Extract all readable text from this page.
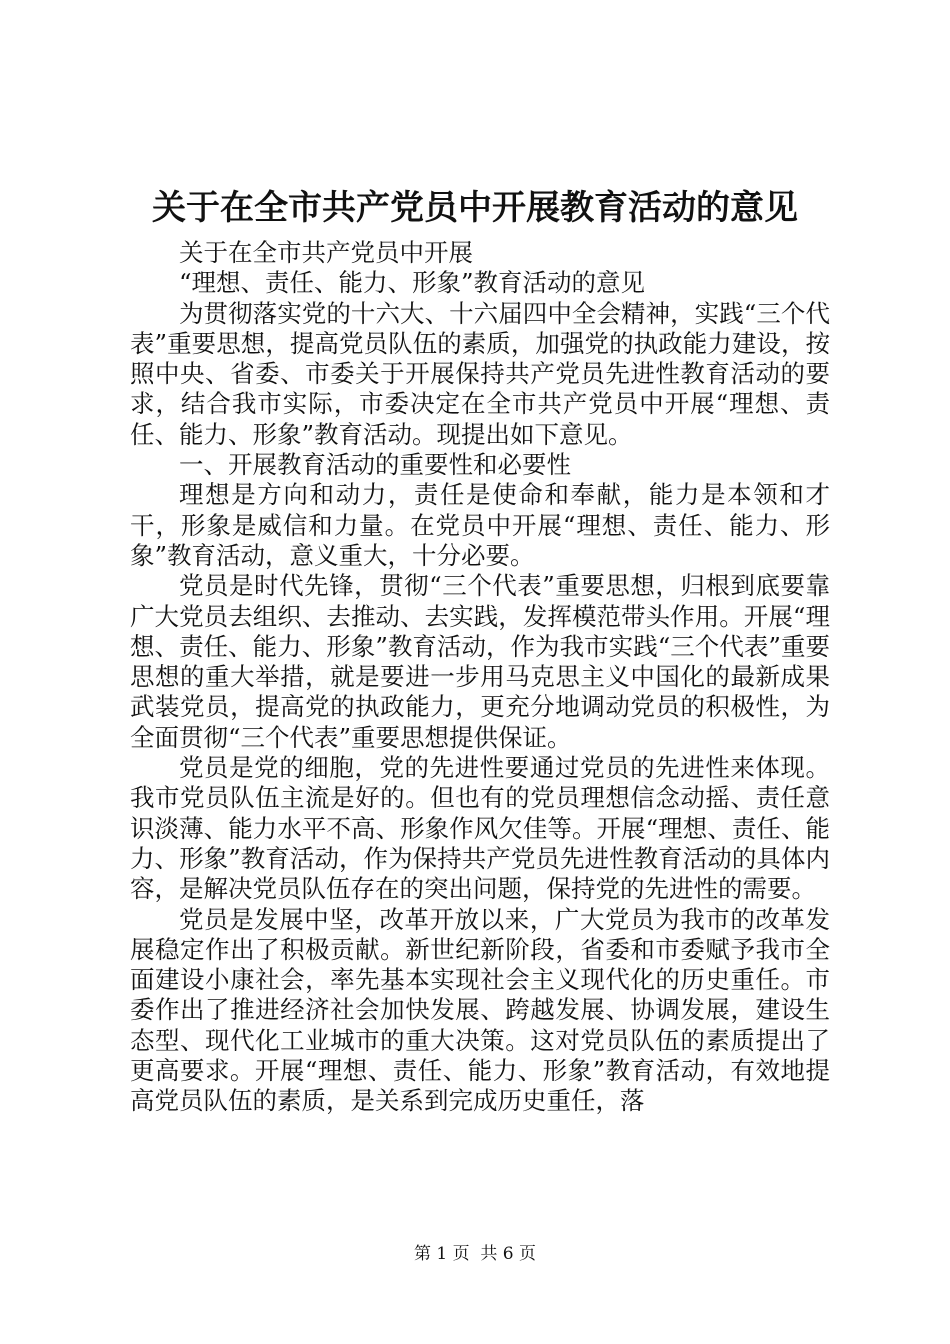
关于在全市共产党员中开展教育活动的意见

关于在全市共产党员中开展

“理想、责任、能力、形象”教育活动的意见

为贯彻落实党的十六大、十六届四中全会精神，实践“三个代表”重要思想，提高党员队伍的素质，加强党的执政能力建设，按照中央、省委、市委关于开展保持共产党员先进性教育活动的要求，结合我市实际，市委决定在全市共产党员中开展“理想、责任、能力、形象”教育活动。现提出如下意见。

一、开展教育活动的重要性和必要性

理想是方向和动力，责任是使命和奉献，能力是本领和才干，形象是威信和力量。在党员中开展“理想、责任、能力、形象”教育活动，意义重大，十分必要。

党员是时代先锋，贯彻“三个代表”重要思想，归根到底要靠广大党员去组织、去推动、去实践，发挥模范带头作用。开展“理想、责任、能力、形象”教育活动，作为我市实践“三个代表”重要思想的重大举措，就是要进一步用马克思主义中国化的最新成果武装党员，提高党的执政能力，更充分地调动党员的积极性，为全面贯彻“三个代表”重要思想提供保证。

党员是党的细胞，党的先进性要通过党员的先进性来体现。我市党员队伍主流是好的。但也有的党员理想信念动摇、责任意识淡薄、能力水平不高、形象作风欠佳等。开展“理想、责任、能力、形象”教育活动，作为保持共产党员先进性教育活动的具体内容，是解决党员队伍存在的突出问题，保持党的先进性的需要。

党员是发展中坚，改革开放以来，广大党员为我市的改革发展稳定作出了积极贡献。新世纪新阶段，省委和市委赋予我市全面建设小康社会，率先基本实现社会主义现代化的历史重任。市委作出了推进经济社会加快发展、跨越发展、协调发展，建设生态型、现代化工业城市的重大决策。这对党员队伍的素质提出了更高要求。开展“理想、责任、能力、形象”教育活动，有效地提高党员队伍的素质，是关系到完成历史重任，落

第 1 页  共 6 页
